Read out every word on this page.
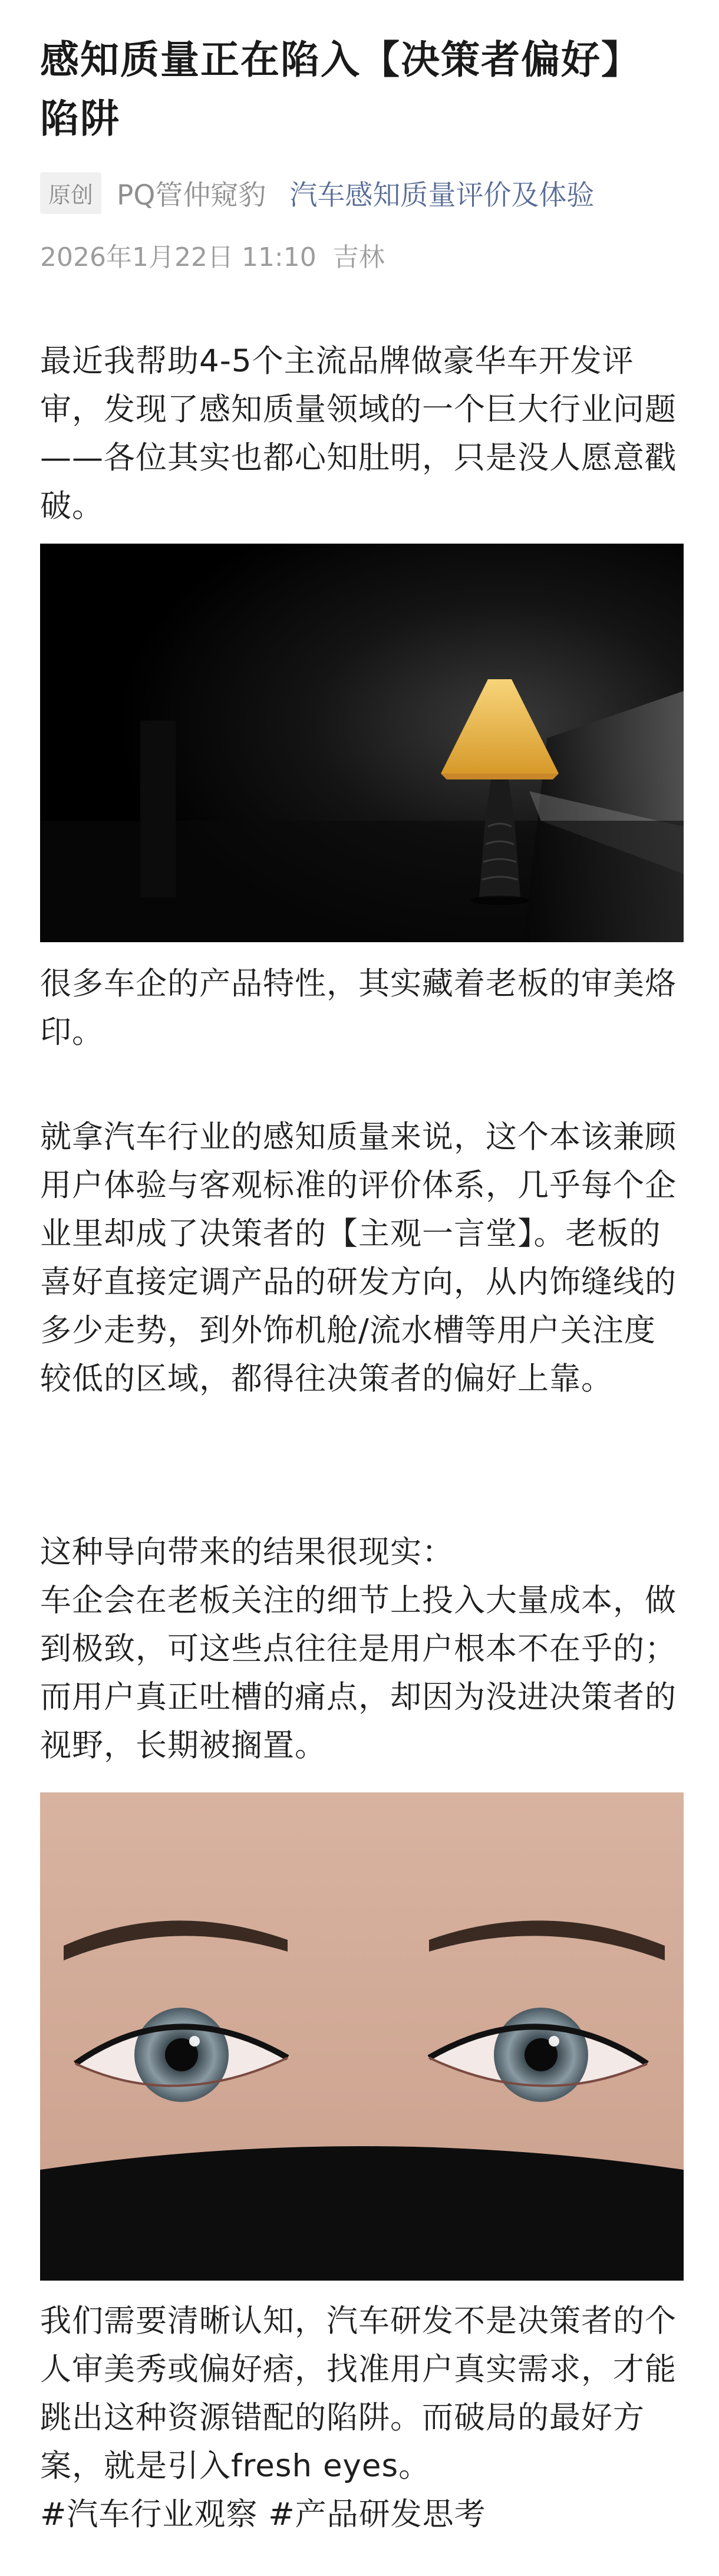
感知质量正在陷入【决策者偏好】陷阱
原创 PQ管仲窥豹 汽车感知质量评价及体验
2026年1月22日 11:10 吉林
最近我帮助4-5个主流品牌做豪华车开发评审，发现了感知质量领域的一个巨大行业问题——各位其实也都心知肚明，只是没人愿意戳破。
很多车企的产品特性，其实藏着老板的审美烙印。
就拿汽车行业的感知质量来说，这个本该兼顾用户体验与客观标准的评价体系，几乎每个企业里却成了决策者的【主观一言堂】。老板的喜好直接定调产品的研发方向，从内饰缝线的多少走势，到外饰机舱/流水槽等用户关注度较低的区域，都得往决策者的偏好上靠。
这种导向带来的结果很现实：
车企会在老板关注的细节上投入大量成本，做到极致，可这些点往往是用户根本不在乎的；而用户真正吐槽的痛点，却因为没进决策者的视野，长期被搁置。
我们需要清晰认知，汽车研发不是决策者的个人审美秀或偏好痞，找准用户真实需求，才能跳出这种资源错配的陷阱。而破局的最好方案，就是引入fresh eyes。
#汽车行业观察 #产品研发思考
